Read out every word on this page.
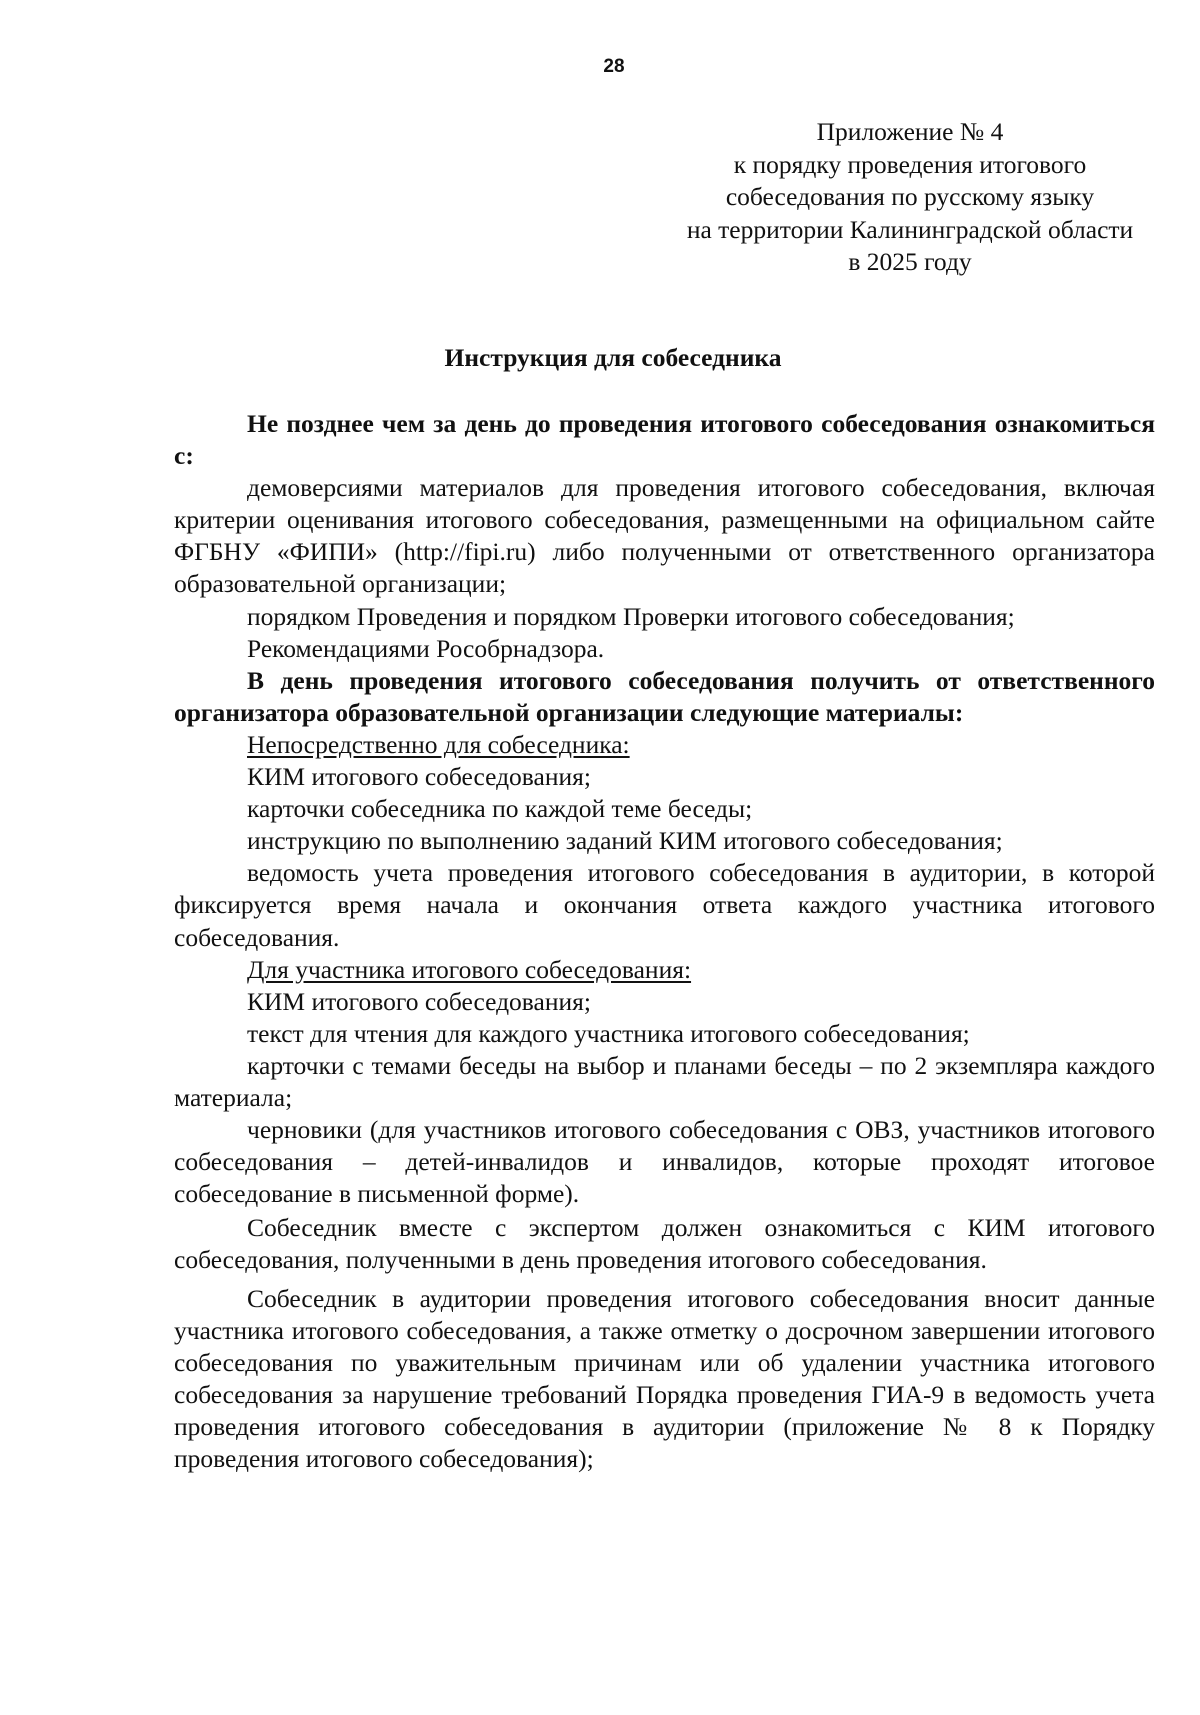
28
Приложение № 4
к порядку проведения итогового
собеседования по русскому языку
на территории Калининградской области
в 2025 году
Инструкция для собеседника

Не позднее чем за день до проведения итогового собеседования ознакомиться с:

демоверсиями материалов для проведения итогового собеседования, включая критерии оценивания итогового собеседования, размещенными на официальном сайте ФГБНУ «ФИПИ» (http://fipi.ru) либо полученными от ответственного организатора образовательной организации;

порядком Проведения и порядком Проверки итогового собеседования;

Рекомендациями Рособрнадзора.

В день проведения итогового собеседования получить от ответственного организатора образовательной организации следующие материалы:

Непосредственно для собеседника:

КИМ итогового собеседования;

карточки собеседника по каждой теме беседы;

инструкцию по выполнению заданий КИМ итогового собеседования;

ведомость учета проведения итогового собеседования в аудитории, в которой фиксируется время начала и окончания ответа каждого участника итогового собеседования.

Для участника итогового собеседования:

КИМ итогового собеседования;

текст для чтения для каждого участника итогового собеседования;

карточки с темами беседы на выбор и планами беседы – по 2 экземпляра каждого материала;

черновики (для участников итогового собеседования с ОВЗ, участников итогового собеседования – детей-инвалидов и инвалидов, которые проходят итоговое собеседование в письменной форме).

Собеседник вместе с экспертом должен ознакомиться с КИМ итогового собеседования, полученными в день проведения итогового собеседования.

Собеседник в аудитории проведения итогового собеседования вносит данные участника итогового собеседования, а также отметку о досрочном завершении итогового собеседования по уважительным причинам или об удалении участника итогового собеседования за нарушение требований Порядка проведения ГИА-9 в ведомость учета проведения итогового собеседования в аудитории (приложение № 8 к Порядку проведения итогового собеседования);
